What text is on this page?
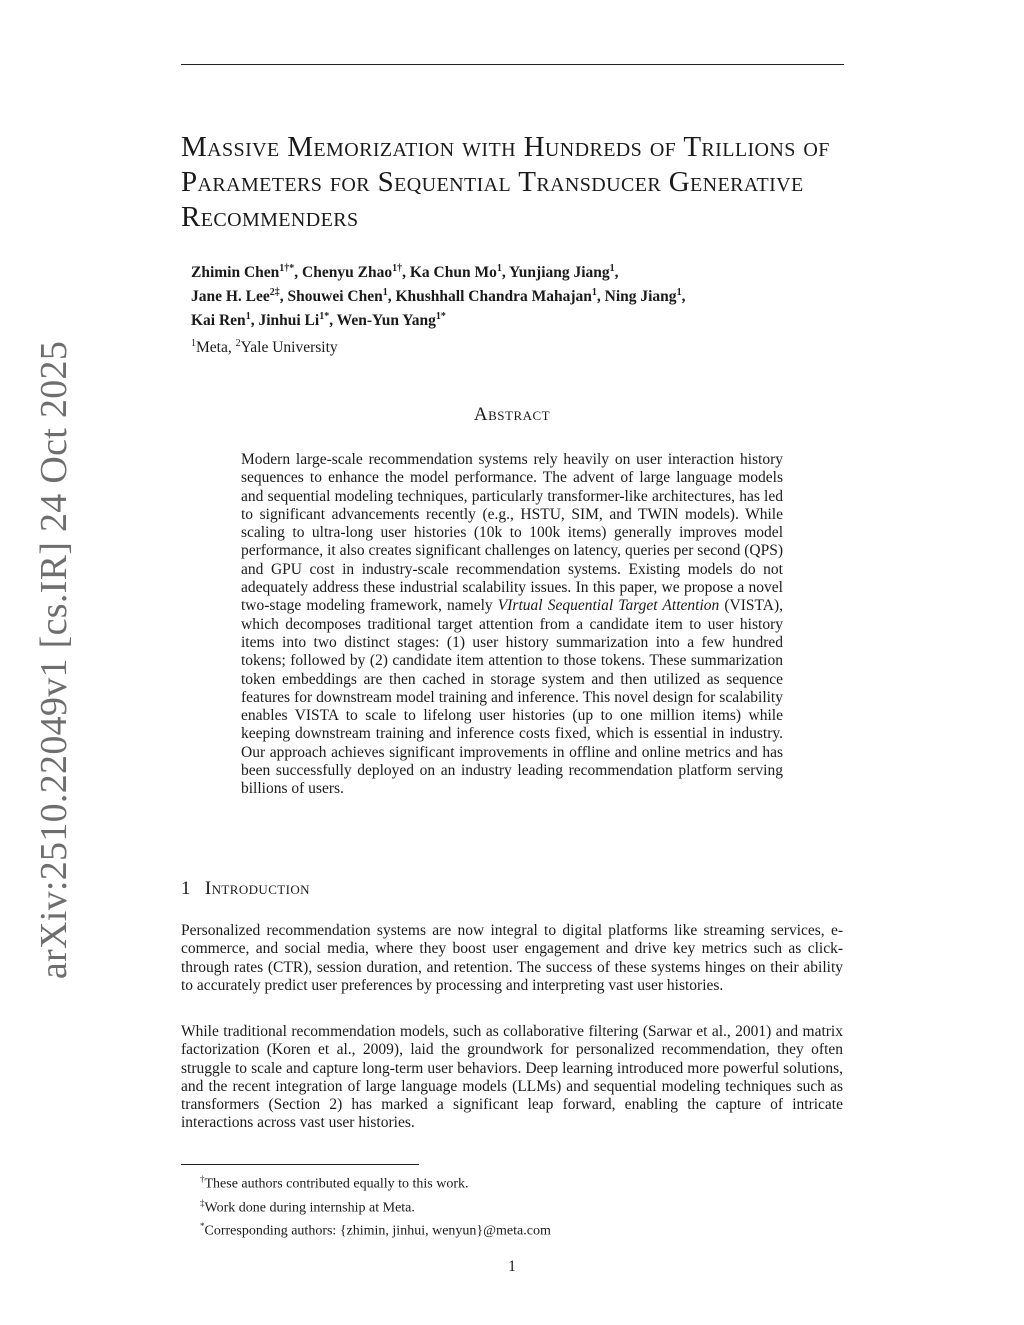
arXiv:2510.22049v1 [cs.IR] 24 Oct 2025
Massive Memorization with Hundreds of Trillions of Parameters for Sequential Transducer Generative Recommenders
Zhimin Chen$^{1\dagger*}$, Chenyu Zhao$^{1\dagger}$, Ka Chun Mo$^1$, Yunjiang Jiang$^1$,
Jane H. Lee$^{2\ddagger}$, Shouwei Chen$^1$, Khushhall Chandra Mahajan$^1$, Ning Jiang$^1$,
Kai Ren$^1$, Jinhui $Li^{1*}$, Wen-Yun Yang$^{1*}$
$^1$Meta, $^2$Yale University
Abstract
Modern large-scale recommendation systems rely heavily on user interaction history sequences to enhance the model performance. The advent of large language models and sequential modeling techniques, particularly transformer-like architectures, has led to significant advancements recently (e.g., HSTU, SIM, and TWIN models). While scaling to ultra-long user histories (10k to 100k items) generally improves model performance, it also creates significant challenges on latency, queries per second (QPS) and GPU cost in industry-scale recommendation systems. Existing models do not adequately address these industrial scalability issues. In this paper, we propose a novel two-stage modeling framework, namely VIrtual Sequential Target Attention (VISTA), which decomposes traditional target attention from a candidate item to user history items into two distinct stages: (1) user history summarization into a few hundred tokens; followed by (2) candidate item attention to those tokens. These summarization token embeddings are then cached in storage system and then utilized as sequence features for downstream model training and inference. This novel design for scalability enables VISTA to scale to lifelong user histories (up to one million items) while keeping downstream training and inference costs fixed, which is essential in industry. Our approach achieves significant improvements in offline and online metrics and has been successfully deployed on an industry leading recommendation platform serving billions of users.
1 Introduction

Personalized recommendation systems are now integral to digital platforms like streaming services, e-commerce, and social media, where they boost user engagement and drive key metrics such as click-through rates (CTR), session duration, and retention. The success of these systems hinges on their ability to accurately predict user preferences by processing and interpreting vast user histories.

While traditional recommendation models, such as collaborative filtering (Sarwar et al., 2001) and matrix factorization (Koren et al., 2009), laid the groundwork for personalized recommendation, they often struggle to scale and capture long-term user behaviors. Deep learning introduced more powerful solutions, and the recent integration of large language models (LLMs) and sequential modeling techniques such as transformers (Section 2) has marked a significant leap forward, enabling the capture of intricate interactions across vast user histories.

†These authors contributed equally to this work.
‡Work done during internship at Meta.
*Corresponding authors: {zhimin, jinhui, wenyun}@meta.com
1
